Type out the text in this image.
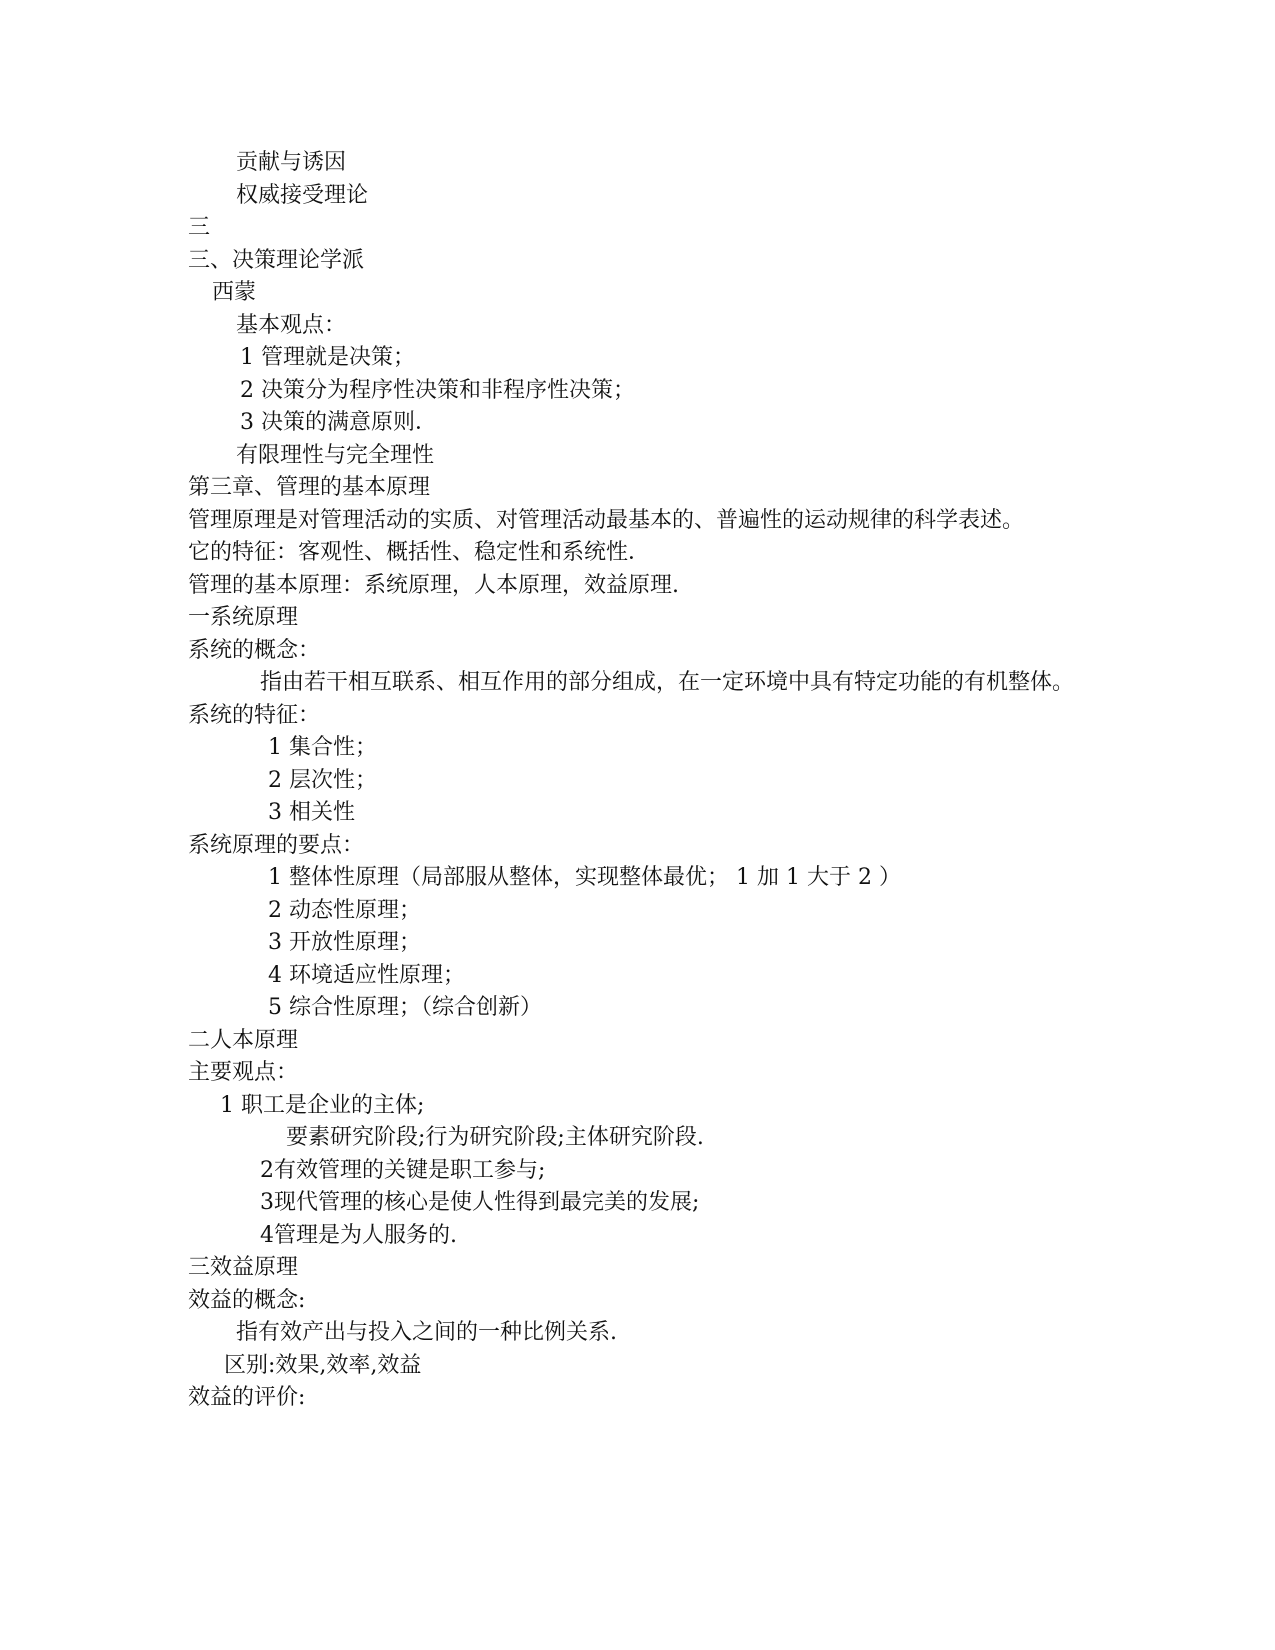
贡献与诱因
权威接受理论
三
三、决策理论学派
西蒙
基本观点：
1 管理就是决策；
2 决策分为程序性决策和非程序性决策；
3 决策的满意原则．
有限理性与完全理性
第三章、管理的基本原理
管理原理是对管理活动的实质、对管理活动最基本的、普遍性的运动规律的科学表述。
它的特征：客观性、概括性、稳定性和系统性．
管理的基本原理：系统原理，人本原理，效益原理.
一系统原理
系统的概念：
指由若干相互联系、相互作用的部分组成，在一定环境中具有特定功能的有机整体。
系统的特征：
1 集合性；
2 层次性；
3 相关性
系统原理的要点：
1 整体性原理（局部服从整体，实现整体最优； 1 加 1 大于 2 ）
2 动态性原理；
3 开放性原理；
4 环境适应性原理；
5 综合性原理；（综合创新）
二人本原理
主要观点：
1 职工是企业的主体;
要素研究阶段;行为研究阶段;主体研究阶段.
2有效管理的关键是职工参与;
3现代管理的核心是使人性得到最完美的发展;
4管理是为人服务的.
三效益原理
效益的概念:
指有效产出与投入之间的一种比例关系.
区别:效果,效率,效益
效益的评价:
